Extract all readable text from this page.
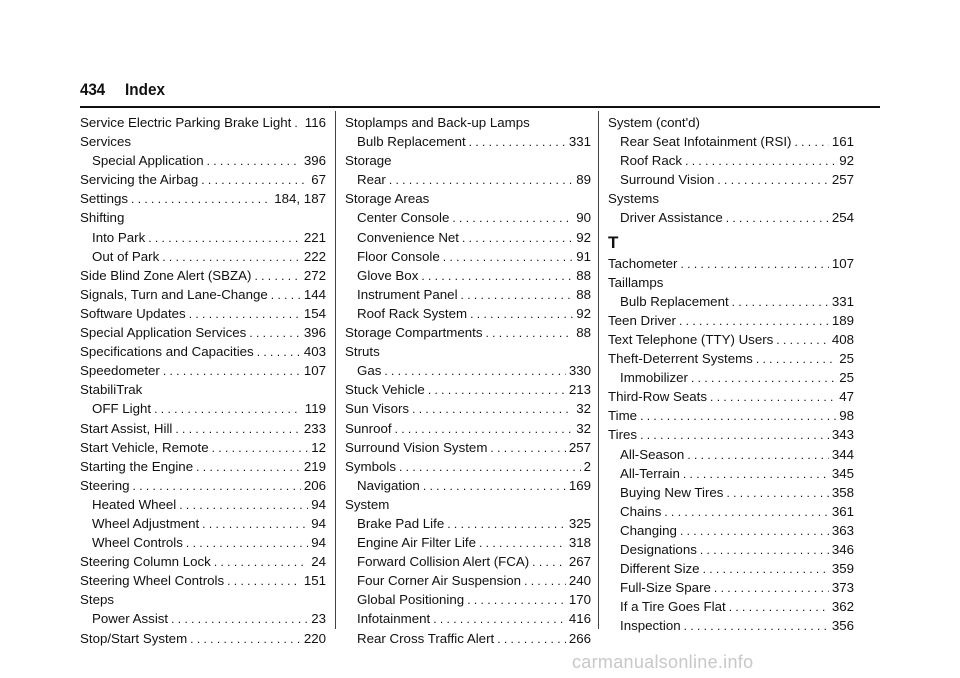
434 Index
Service Electric Parking Brake Light . . . 116
Services
Special Application . . .	396
Servicing the Airbag . . .	67
Settings . . .	184, 187
Shifting
Into Park . . .	221
Out of Park . . .	222
Side Blind Zone Alert (SBZA) . . .	272
Signals, Turn and Lane-Change . . .	144
Software Updates . . .	154
Special Application Services . . .	396
Specifications and Capacities . . .	403
Speedometer . . .	107
StabiliTrak
OFF Light . . .	119
Start Assist, Hill . . .	233
Start Vehicle, Remote . . .	12
Starting the Engine . . .	219
Steering . . .	206
Heated Wheel . . .	94
Wheel Adjustment . . .	94
Wheel Controls . . .	94
Steering Column Lock . . .	24
Steering Wheel Controls . . .	151
Steps
Power Assist . . .	23
Stop/Start System . . .	220
Stoplamps and Back-up Lamps
Bulb Replacement . . .	331
Storage
Rear . . .	89
Storage Areas
Center Console . . .	90
Convenience Net . . .	92
Floor Console . . .	91
Glove Box . . .	88
Instrument Panel . . .	88
Roof Rack System . . .	92
Storage Compartments . . .	88
Struts
Gas . . .	330
Stuck Vehicle . . .	213
Sun Visors . . .	32
Sunroof . . .	32
Surround Vision System . . .	257
Symbols . . .	2
Navigation . . .	169
System
Brake Pad Life . . .	325
Engine Air Filter Life . . .	318
Forward Collision Alert (FCA) . . .	267
Four Corner Air Suspension . . .	240
Global Positioning . . .	170
Infotainment . . .	416
Rear Cross Traffic Alert . . .	266
System (cont'd)
Rear Seat Infotainment (RSI) . . .	161
Roof Rack . . .	92
Surround Vision . . .	257
Systems
Driver Assistance . . .	254
T
Tachometer . . .	107
Taillamps
Bulb Replacement . . .	331
Teen Driver . . .	189
Text Telephone (TTY) Users . . .	408
Theft-Deterrent Systems . . .	25
Immobilizer . . .	25
Third-Row Seats . . .	47
Time . . .	98
Tires . . .	343
All-Season . . .	344
All-Terrain . . .	345
Buying New Tires . . .	358
Chains . . .	361
Changing . . .	363
Designations . . .	346
Different Size . . .	359
Full-Size Spare . . .	373
If a Tire Goes Flat . . .	362
Inspection . . .	356
carmanualsonline.info
